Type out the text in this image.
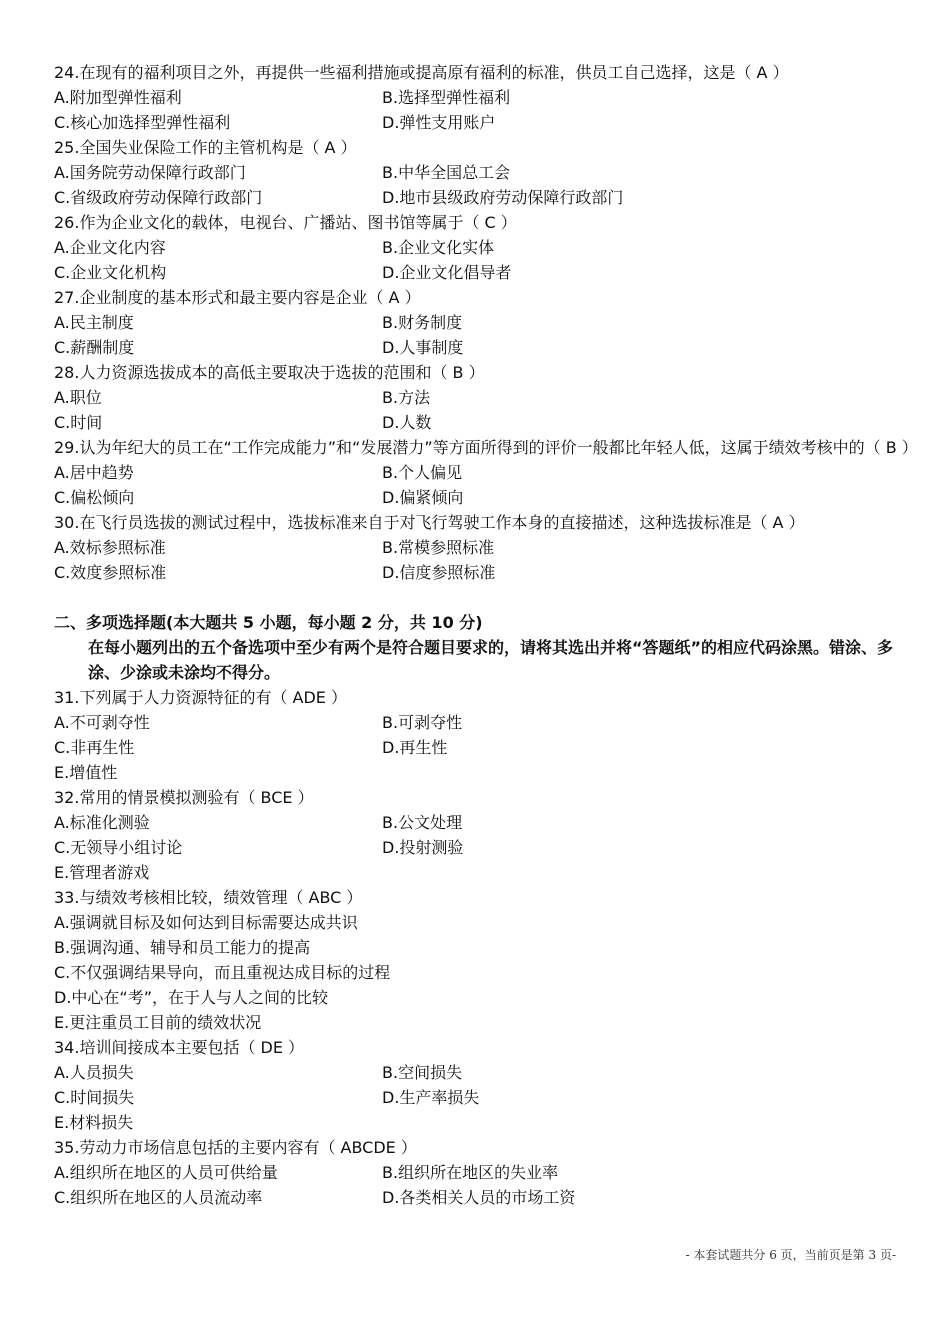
24.在现有的福利项目之外，再提供一些福利措施或提高原有福利的标准，供员工自己选择，这是（ A ）
A.附加型弹性福利	B.选择型弹性福利
C.核心加选择型弹性福利	D.弹性支用账户
25.全国失业保险工作的主管机构是（ A ）
A.国务院劳动保障行政部门	B.中华全国总工会
C.省级政府劳动保障行政部门	D.地市县级政府劳动保障行政部门
26.作为企业文化的载体，电视台、广播站、图书馆等属于（ C ）
A.企业文化内容	B.企业文化实体
C.企业文化机构	D.企业文化倡导者
27.企业制度的基本形式和最主要内容是企业（ A ）
A.民主制度	B.财务制度
C.薪酬制度	D.人事制度
28.人力资源选拔成本的高低主要取决于选拔的范围和（ B ）
A.职位	B.方法
C.时间	D.人数
29.认为年纪大的员工在“工作完成能力”和“发展潜力”等方面所得到的评价一般都比年轻人低，这属于绩效考核中的（ B ）
A.居中趋势	B.个人偏见
C.偏松倾向	D.偏紧倾向
30.在飞行员选拔的测试过程中，选拔标准来自于对飞行驾驶工作本身的直接描述，这种选拔标准是（ A ）
A.效标参照标准	B.常模参照标准
C.效度参照标准	D.信度参照标准
二、多项选择题(本大题共 5 小题，每小题 2 分，共 10 分)
在每小题列出的五个备选项中至少有两个是符合题目要求的，请将其选出并将“答题纸”的相应代码涂黑。错涂、多涂、少涂或未涂均不得分。
31.下列属于人力资源特征的有（ ADE ）
A.不可剥夺性	B.可剥夺性
C.非再生性	D.再生性
E.增值性
32.常用的情景模拟测验有（ BCE ）
A.标准化测验	B.公文处理
C.无领导小组讨论	D.投射测验
E.管理者游戏
33.与绩效考核相比较，绩效管理（ ABC ）
A.强调就目标及如何达到目标需要达成共识
B.强调沟通、辅导和员工能力的提高
C.不仅强调结果导向，而且重视达成目标的过程
D.中心在“考”，在于人与人之间的比较
E.更注重员工目前的绩效状况
34.培训间接成本主要包括（ DE ）
A.人员损失	B.空间损失
C.时间损失	D.生产率损失
E.材料损失
35.劳动力市场信息包括的主要内容有（ ABCDE ）
A.组织所在地区的人员可供给量	B.组织所在地区的失业率
C.组织所在地区的人员流动率	D.各类相关人员的市场工资
- 本套试题共分 6 页，当前页是第 3 页-
